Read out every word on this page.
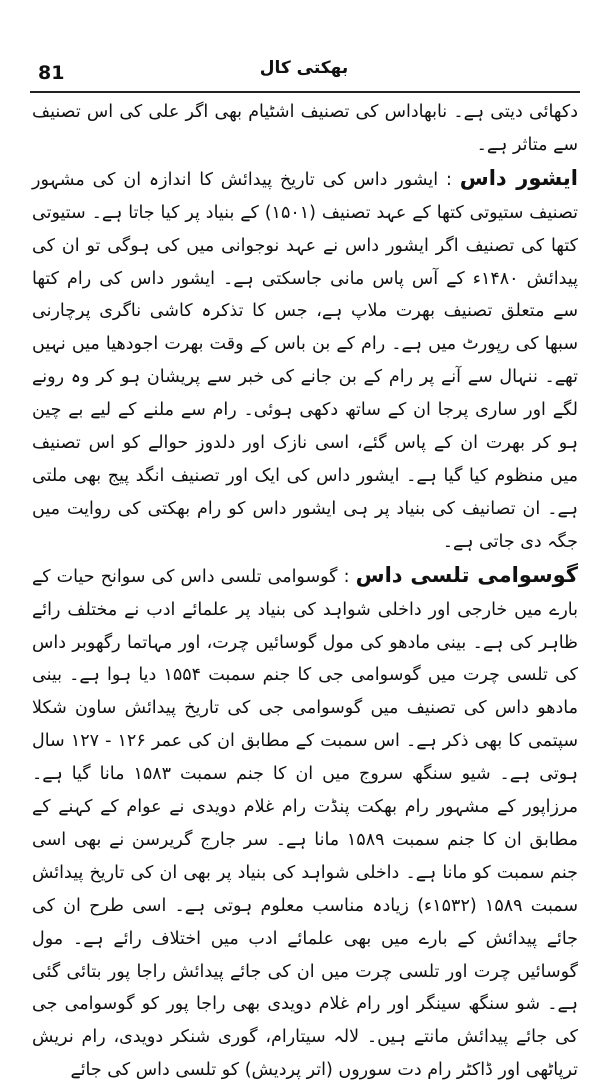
81	بھکتی کال

دکھائی دیتی ہے۔ نابھاداس کی تصنیف اشٹیام بھی اگر علی کی اس تصنیف سے متاثر ہے۔

ایشور داس : ایشور داس کی تاریخ پیدائش کا اندازہ ان کی مشہور تصنیف ستیوتی کتھا کے عہد تصنیف (۱۵۰۱) کے بنیاد پر کیا جاتا ہے۔ ستیوتی کتھا کی تصنیف اگر ایشور داس نے عہد نوجوانی میں کی ہوگی تو ان کی پیدائش ۱۴۸۰ء کے آس پاس مانی جاسکتی ہے۔ ایشور داس کی رام کتھا سے متعلق تصنیف بھرت ملاپ ہے، جس کا تذکرہ کاشی ناگری پرچارنی سبھا کی رپورٹ میں ہے۔ رام کے بن باس کے وقت بھرت اجودھیا میں نہیں تھے۔ ننہال سے آنے پر رام کے بن جانے کی خبر سے پریشان ہو کر وہ رونے لگے اور ساری پرجا ان کے ساتھ دکھی ہوئی۔ رام سے ملنے کے لیے بے چین ہو کر بھرت ان کے پاس گئے، اسی نازک اور دلدوز حوالے کو اس تصنیف میں منظوم کیا گیا ہے۔ ایشور داس کی ایک اور تصنیف انگد پیج بھی ملتی ہے۔ ان تصانیف کی بنیاد پر ہی ایشور داس کو رام بھکتی کی روایت میں جگہ دی جاتی ہے۔

گوسوامی تلسی داس : گوسوامی تلسی داس کی سوانح حیات کے بارے میں خارجی اور داخلی شواہد کی بنیاد پر علمائے ادب نے مختلف رائے ظاہر کی ہے۔ بینی مادھو کی مول گوسائیں چرت، اور مہاتما رگھوبر داس کی تلسی چرت میں گوسوامی جی کا جنم سمبت ۱۵۵۴ دیا ہوا ہے۔ بینی مادھو داس کی تصنیف میں گوسوامی جی کی تاریخ پیدائش ساون شکلا سپتمی کا بھی ذکر ہے۔ اس سمبت کے مطابق ان کی عمر ۱۲۶ - ۱۲۷ سال ہوتی ہے۔ شیو سنگھ سروج میں ان کا جنم سمبت ۱۵۸۳ مانا گیا ہے۔ مرزاپور کے مشہور رام بھکت پنڈت رام غلام دویدی نے عوام کے کہنے کے مطابق ان کا جنم سمبت ۱۵۸۹ مانا ہے۔ سر جارج گریرسن نے بھی اسی جنم سمبت کو مانا ہے۔ داخلی شواہد کی بنیاد پر بھی ان کی تاریخ پیدائش سمبت ۱۵۸۹ (۱۵۳۲ء) زیادہ مناسب معلوم ہوتی ہے۔ اسی طرح ان کی جائے پیدائش کے بارے میں بھی علمائے ادب میں اختلاف رائے ہے۔ مول گوسائیں چرت اور تلسی چرت میں ان کی جائے پیدائش راجا پور بتائی گئی ہے۔ شو سنگھ سینگر اور رام غلام دویدی بھی راجا پور کو گوسوامی جی کی جائے پیدائش مانتے ہیں۔ لالہ سیتارام، گوری شنکر دویدی، رام نریش ترپاٹھی اور ڈاکٹر رام دت سوروں (اتر پردیش) کو تلسی داس کی جائے
